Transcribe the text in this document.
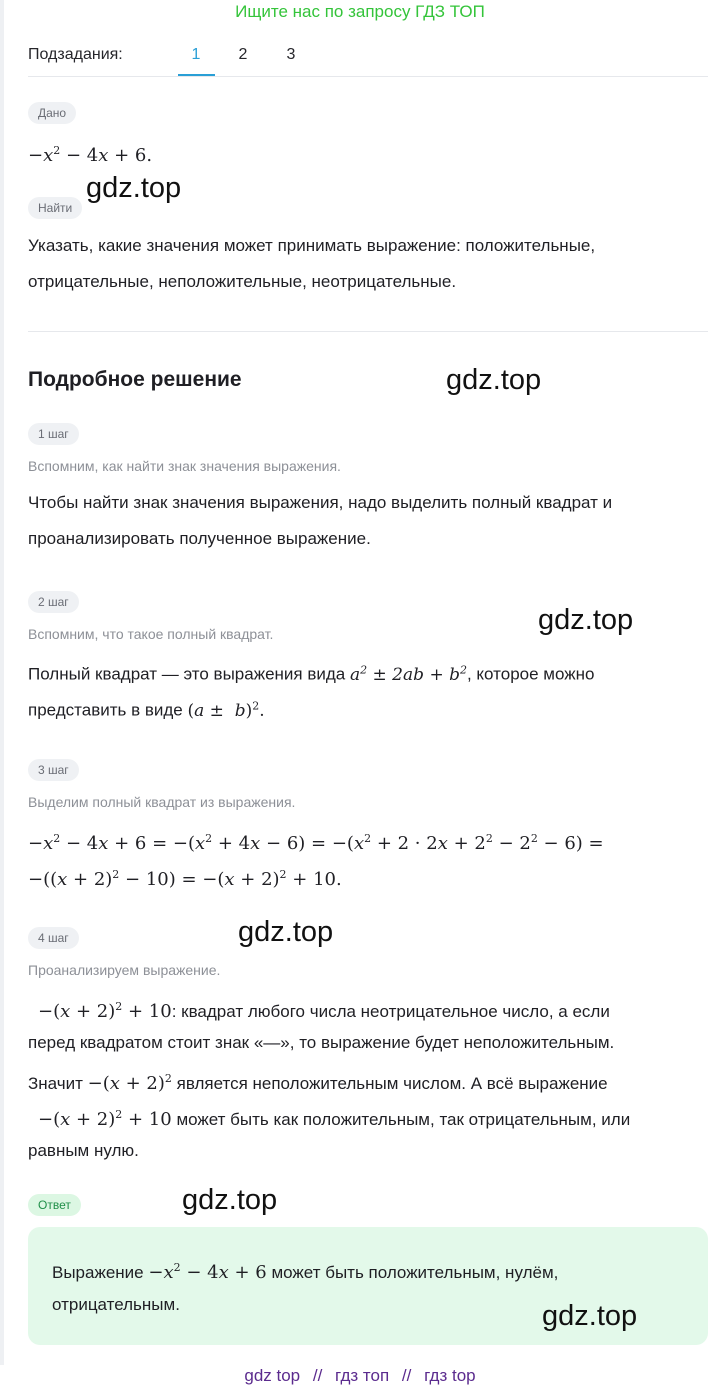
Ищите нас по запросу ГДЗ ТОП
Подзадания:	1	2	3
Дано
$-x^2 - 4x + 6$.
Найти
Указать, какие значения может принимать выражение: положительные,
отрицательные, неположительные, неотрицательные.
Подробное решение
1 шаг
Вспомним, как найти знак значения выражения.
Чтобы найти знак значения выражения, надо выделить полный квадрат и
проанализировать полученное выражение.
2 шаг
Вспомним, что такое полный квадрат.
Полный квадрат — это выражения вида $a^2 \pm 2ab + b^2$, которое можно
представить в виде $(a \pm b)^2$.
3 шаг
Выделим полный квадрат из выражения.
$-x^2 - 4x + 6 = -(x^2 + 4x - 6) = -(x^2 + 2 \cdot 2x + 2^2 - 2^2 - 6)$ =
$-((x + 2)^2 - 10) = -(x + 2)^2 + 10$.
4 шаг
Проанализируем выражение.
$-(x + 2)^2 + 10$: квадрат любого числа неотрицательное число, а если
перед квадратом стоит знак «—», то выражение будет неположительным.
Значит $-(x + 2)^2$ является неположительным числом. А всё выражение
$-(x + 2)^2 + 10$ может быть как положительным, так отрицательным, или
равным нулю.
Ответ
Выражение $-x^2 - 4x + 6$ может быть положительным, нулём,
отрицательным.
gdz.top
gdz.top
gdz.top
gdz.top
gdz.top
gdz.top
gdz top // гдз топ // гдз top
